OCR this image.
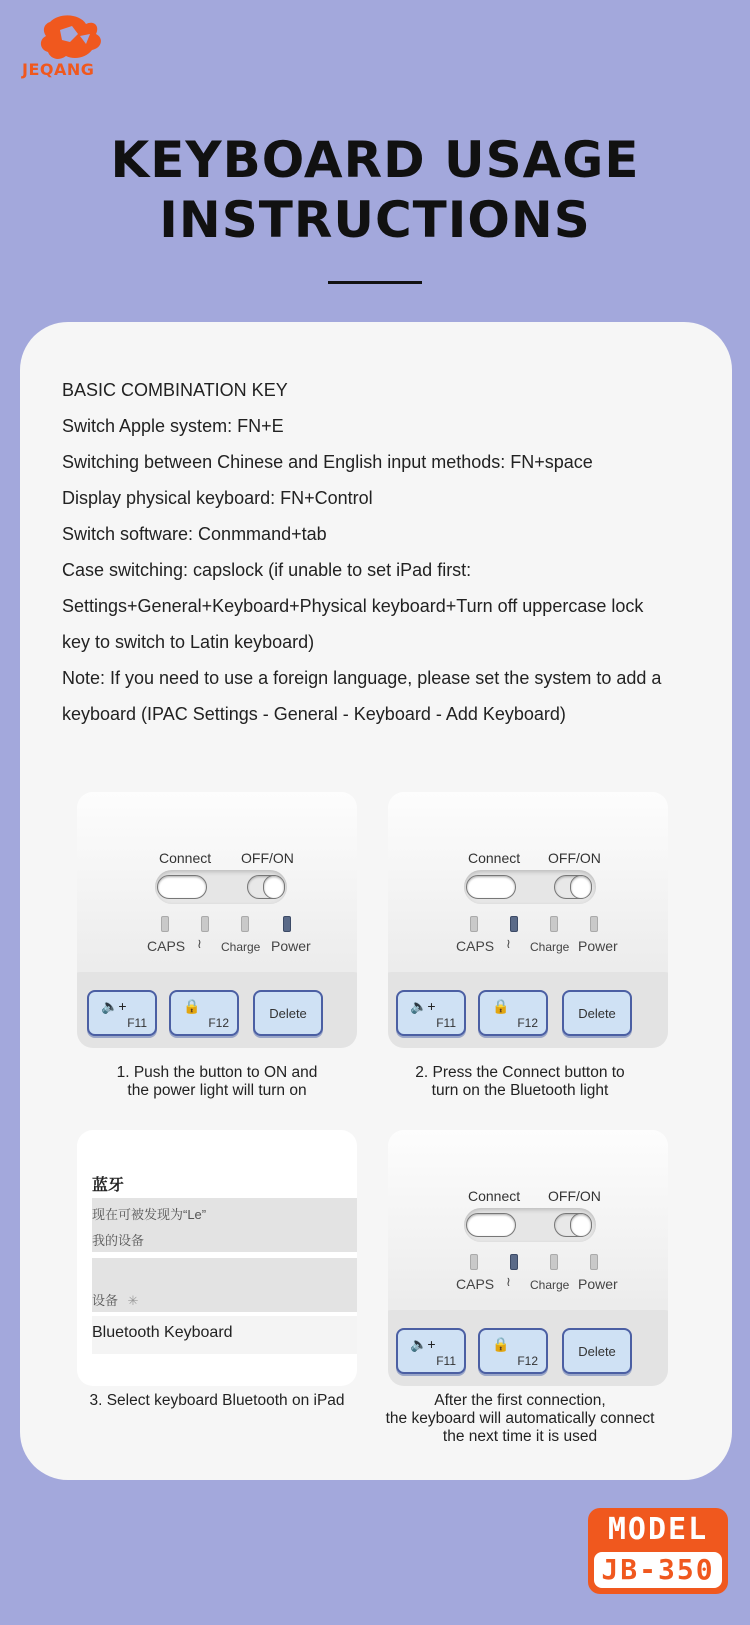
JEQANG
KEYBOARD USAGE
INSTRUCTIONS
BASIC COMBINATION KEY
Switch Apple system: FN+E
Switching between Chinese and English input methods: FN+space
Display physical keyboard: FN+Control
Switch software: Conmmand+tab
Case switching: capslock (if unable to set iPad first:
Settings+General+Keyboard+Physical keyboard+Turn off uppercase lock
key to switch to Latin keyboard)
Note: If you need to use a foreign language, please set the system to add a
keyboard (IPAC Settings - General - Keyboard - Add Keyboard)
Connect OFF/ON
CAPS ≀ Charge Power
🔈+
F11
🔒
F12
Delete
1. Push the button to ON and
the power light will turn on
Connect OFF/ON
CAPS ≀ Charge Power
🔈+
F11
🔒
F12
Delete
2. Press the Connect button to
turn on the Bluetooth light
蓝牙
现在可被发现为“Le”
我的设备
设备 ✳
Bluetooth Keyboard
3. Select keyboard Bluetooth on iPad
Connect OFF/ON
CAPS ≀ Charge Power
🔈+
F11
🔒
F12
Delete
After the first connection,
the keyboard will automatically connect
the next time it is used
MODEL
JB-350
